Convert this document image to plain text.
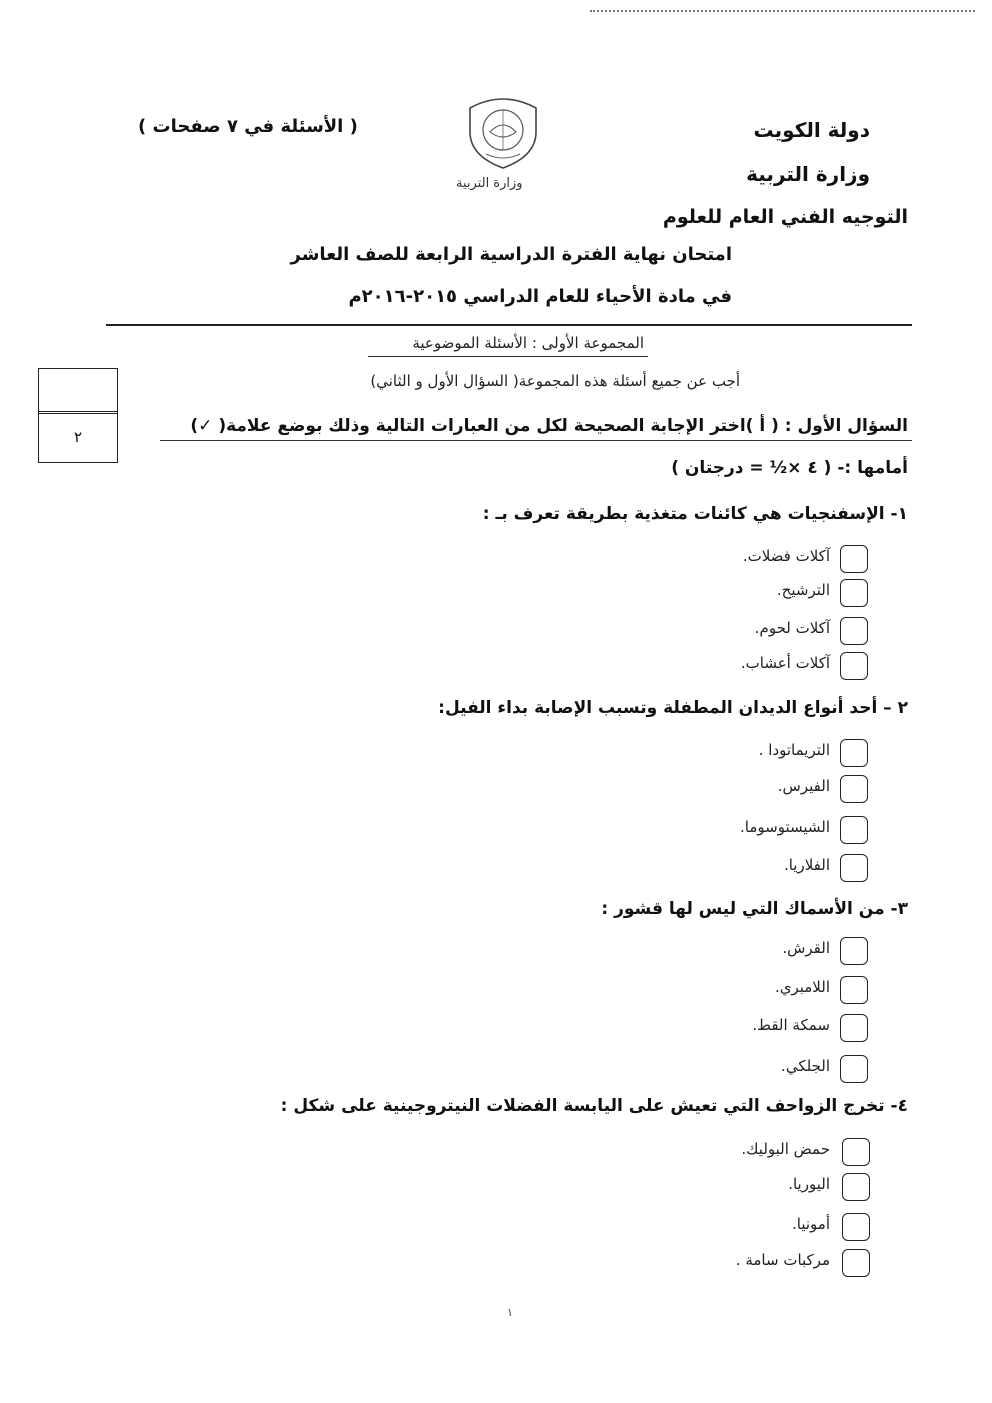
دولة الكويت
وزارة التربية
التوجيه الفني العام للعلوم
امتحان نهاية الفترة الدراسية الرابعة للصف العاشر
في مادة الأحياء للعام الدراسي ٢٠١٥-٢٠١٦م
( الأسئلة في ٧ صفحات )
وزارة التربية
المجموعة الأولى : الأسئلة الموضوعية
أجب عن جميع أسئلة هذه المجموعة( السؤال الأول و الثاني)
٢
السؤال الأول : ( أ )اختر الإجابة الصحيحة لكل من العبارات التالية وذلك بوضع علامة( ✓)
أمامها :- ( ٤ ×½ = درجتان )
١- الإسفنجيات هي كائنات متغذية بطريقة تعرف بـ :
آكلات فضلات.
الترشيح.
آكلات لحوم.
آكلات أعشاب.
٢ – أحد أنواع الديدان المطفلة وتسبب الإصابة بداء الفيل:
التريماتودا .
الفيرس.
الشيستوسوما.
الفلاريا.
٣- من الأسماك التي ليس لها قشور :
القرش.
اللامبري.
سمكة القط.
الجلكي.
٤- تخرج الزواحف التي تعيش على اليابسة الفضلات النيتروجينية على شكل :
حمض البوليك.
اليوريا.
أمونيا.
مركبات سامة .
١
